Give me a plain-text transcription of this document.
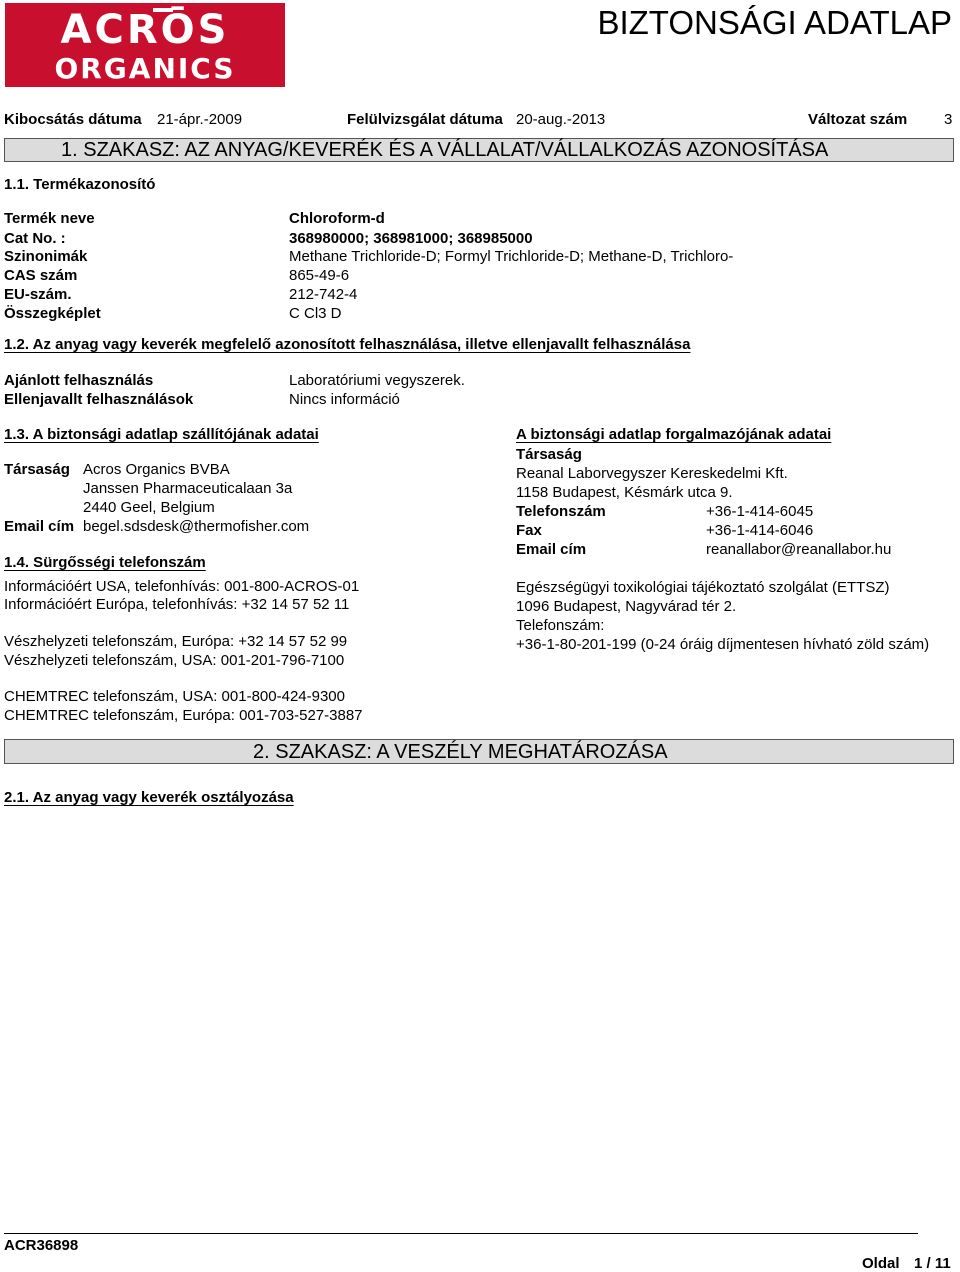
ACRŌS
ORGANICS
BIZTONSÁGI ADATLAP
Kibocsátás dátuma 21-ápr.-2009	Felülvizsgálat dátuma 20-aug.-2013	Változat szám 3
1. SZAKASZ: AZ ANYAG/KEVERÉK ÉS A VÁLLALAT/VÁLLALKOZÁS AZONOSÍTÁSA
1.1. Termékazonosító
Termék neve	Chloroform-d
Cat No. :	368980000; 368981000; 368985000
Szinonimák	Methane Trichloride-D; Formyl Trichloride-D; Methane-D, Trichloro-
CAS szám	865-49-6
EU-szám.	212-742-4
Összegképlet	C Cl3 D
1.2. Az anyag vagy keverék megfelelő azonosított felhasználása, illetve ellenjavallt felhasználása
Ajánlott felhasználás	Laboratóriumi vegyszerek.
Ellenjavallt felhasználások	Nincs információ
1.3. A biztonsági adatlap szállítójának adatai
Társaság Acros Organics BVBA
Janssen Pharmaceuticalaan 3a
2440 Geel, Belgium
Email cím begel.sdsdesk@thermofisher.com
1.4. Sürgősségi telefonszám
Információért USA, telefonhívás: 001-800-ACROS-01
Információért Európa, telefonhívás: +32 14 57 52 11
Vészhelyzeti telefonszám, Európa: +32 14 57 52 99
Vészhelyzeti telefonszám, USA: 001-201-796-7100
CHEMTREC telefonszám, USA: 001-800-424-9300
CHEMTREC telefonszám, Európa: 001-703-527-3887
A biztonsági adatlap forgalmazójának adatai
Társaság
Reanal Laborvegyszer Kereskedelmi Kft.
1158 Budapest, Késmárk utca 9.
Telefonszám	+36-1-414-6045
Fax	+36-1-414-6046
Email cím	reanallabor@reanallabor.hu
Egészségügyi toxikológiai tájékoztató szolgálat (ETTSZ)
1096 Budapest, Nagyvárad tér 2.
Telefonszám:
+36-1-80-201-199 (0-24 óráig díjmentesen hívható zöld szám)
2. SZAKASZ: A VESZÉLY MEGHATÁROZÁSA
2.1. Az anyag vagy keverék osztályozása
ACR36898
Oldal 1 / 11
